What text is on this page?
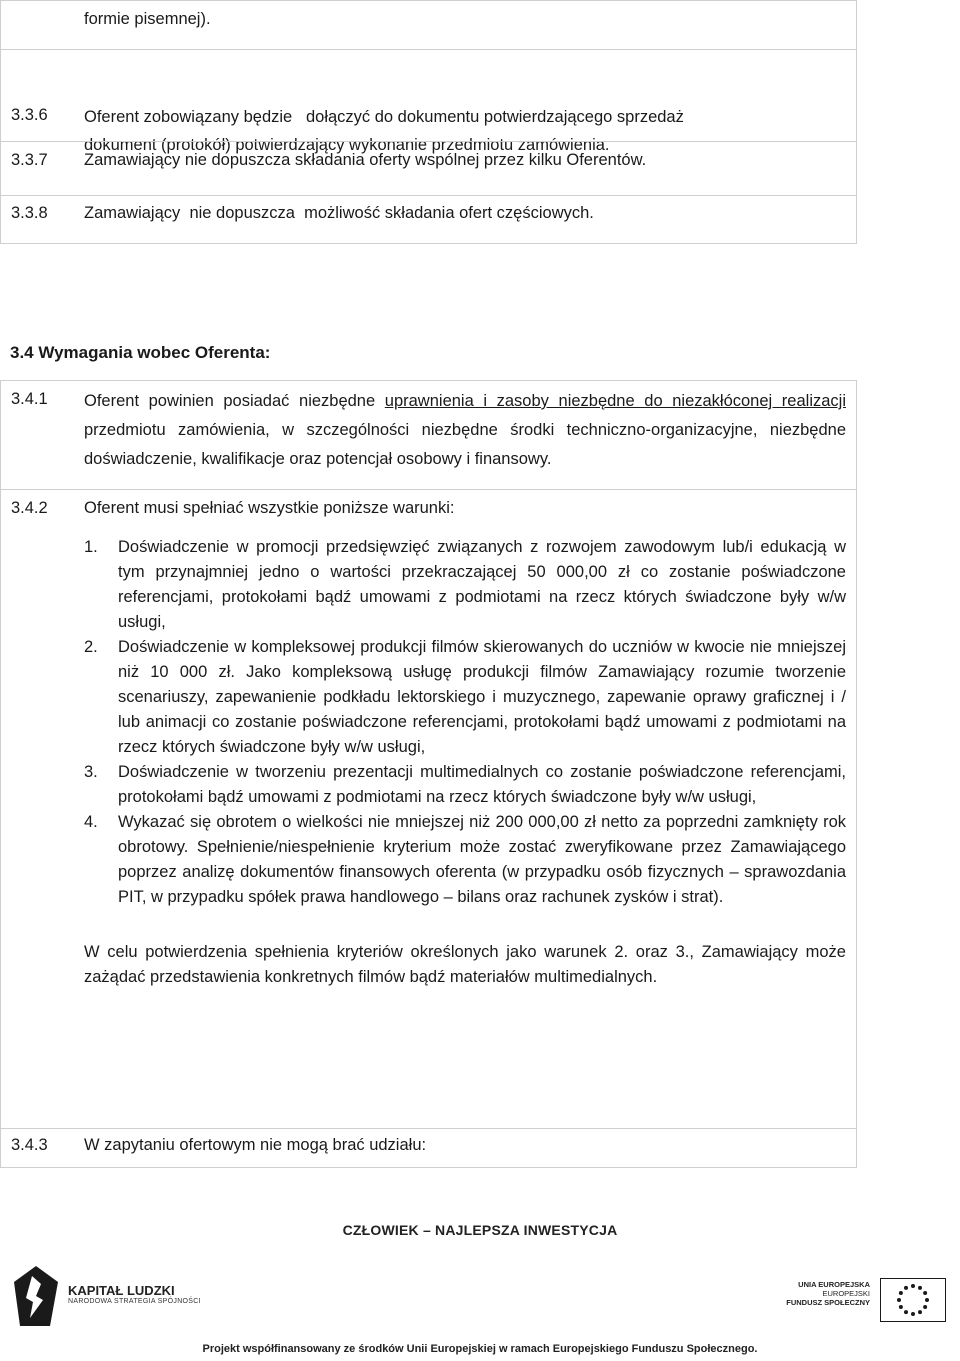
formie pisemnej).
3.3.6 Oferent zobowiązany będzie   dołączyć do dokumentu potwierdzającego sprzedaż
dokument (protokół) potwierdzający wykonanie przedmiotu zamówienia.
3.3.7 Zamawiający nie dopuszcza składania oferty wspólnej przez kilku Oferentów.
3.3.8 Zamawiający  nie dopuszcza  możliwość składania ofert częściowych.
3.4 Wymagania wobec Oferenta:
3.4.1 Oferent powinien posiadać niezbędne uprawnienia i zasoby niezbędne do niezakłóconej realizacji przedmiotu zamówienia, w szczególności niezbędne środki techniczno-organizacyjne, niezbędne doświadczenie, kwalifikacje oraz potencjał osobowy i finansowy.
3.4.2 Oferent musi spełniać wszystkie poniższe warunki:
1. Doświadczenie w promocji przedsięwzięć związanych z rozwojem zawodowym lub/i edukacją w tym przynajmniej jedno o wartości przekraczającej 50 000,00 zł co zostanie poświadczone referencjami, protokołami bądź umowami z podmiotami na rzecz których świadczone były w/w usługi,
2. Doświadczenie w kompleksowej produkcji filmów skierowanych do uczniów w kwocie nie mniejszej niż 10 000 zł. Jako kompleksową usługę produkcji filmów Zamawiający rozumie tworzenie scenariuszy, zapewanienie podkładu lektorskiego i muzycznego, zapewanie oprawy graficznej i / lub animacji co zostanie poświadczone referencjami, protokołami bądź umowami z podmiotami na rzecz których świadczone były w/w usługi,
3. Doświadczenie w tworzeniu prezentacji multimedialnych co zostanie poświadczone referencjami, protokołami bądź umowami z podmiotami na rzecz których świadczone były w/w usługi,
4. Wykazać się obrotem o wielkości nie mniejszej niż 200 000,00 zł netto za poprzedni zamknięty rok obrotowy. Spełnienie/niespełnienie kryterium może zostać zweryfikowane przez Zamawiającego poprzez analizę dokumentów finansowych oferenta (w przypadku osób fizycznych – sprawozdania PIT, w przypadku spółek prawa handlowego – bilans oraz rachunek zysków i strat).
W celu potwierdzenia spełnienia kryteriów określonych jako warunek 2. oraz 3., Zamawiający może zażądać przedstawienia konkretnych filmów bądź materiałów multimedialnych.
3.4.3 W zapytaniu ofertowym nie mogą brać udziału:
CZŁOWIEK – NAJLEPSZA INWESTYCJA
KAPITAŁ LUDZKI
NARODOWA STRATEGIA SPÓJNOŚCI
UNIA EUROPEJSKA
EUROPEJSKI
FUNDUSZ SPOŁECZNY
Projekt współfinansowany ze środków Unii Europejskiej w ramach Europejskiego Funduszu Społecznego.
